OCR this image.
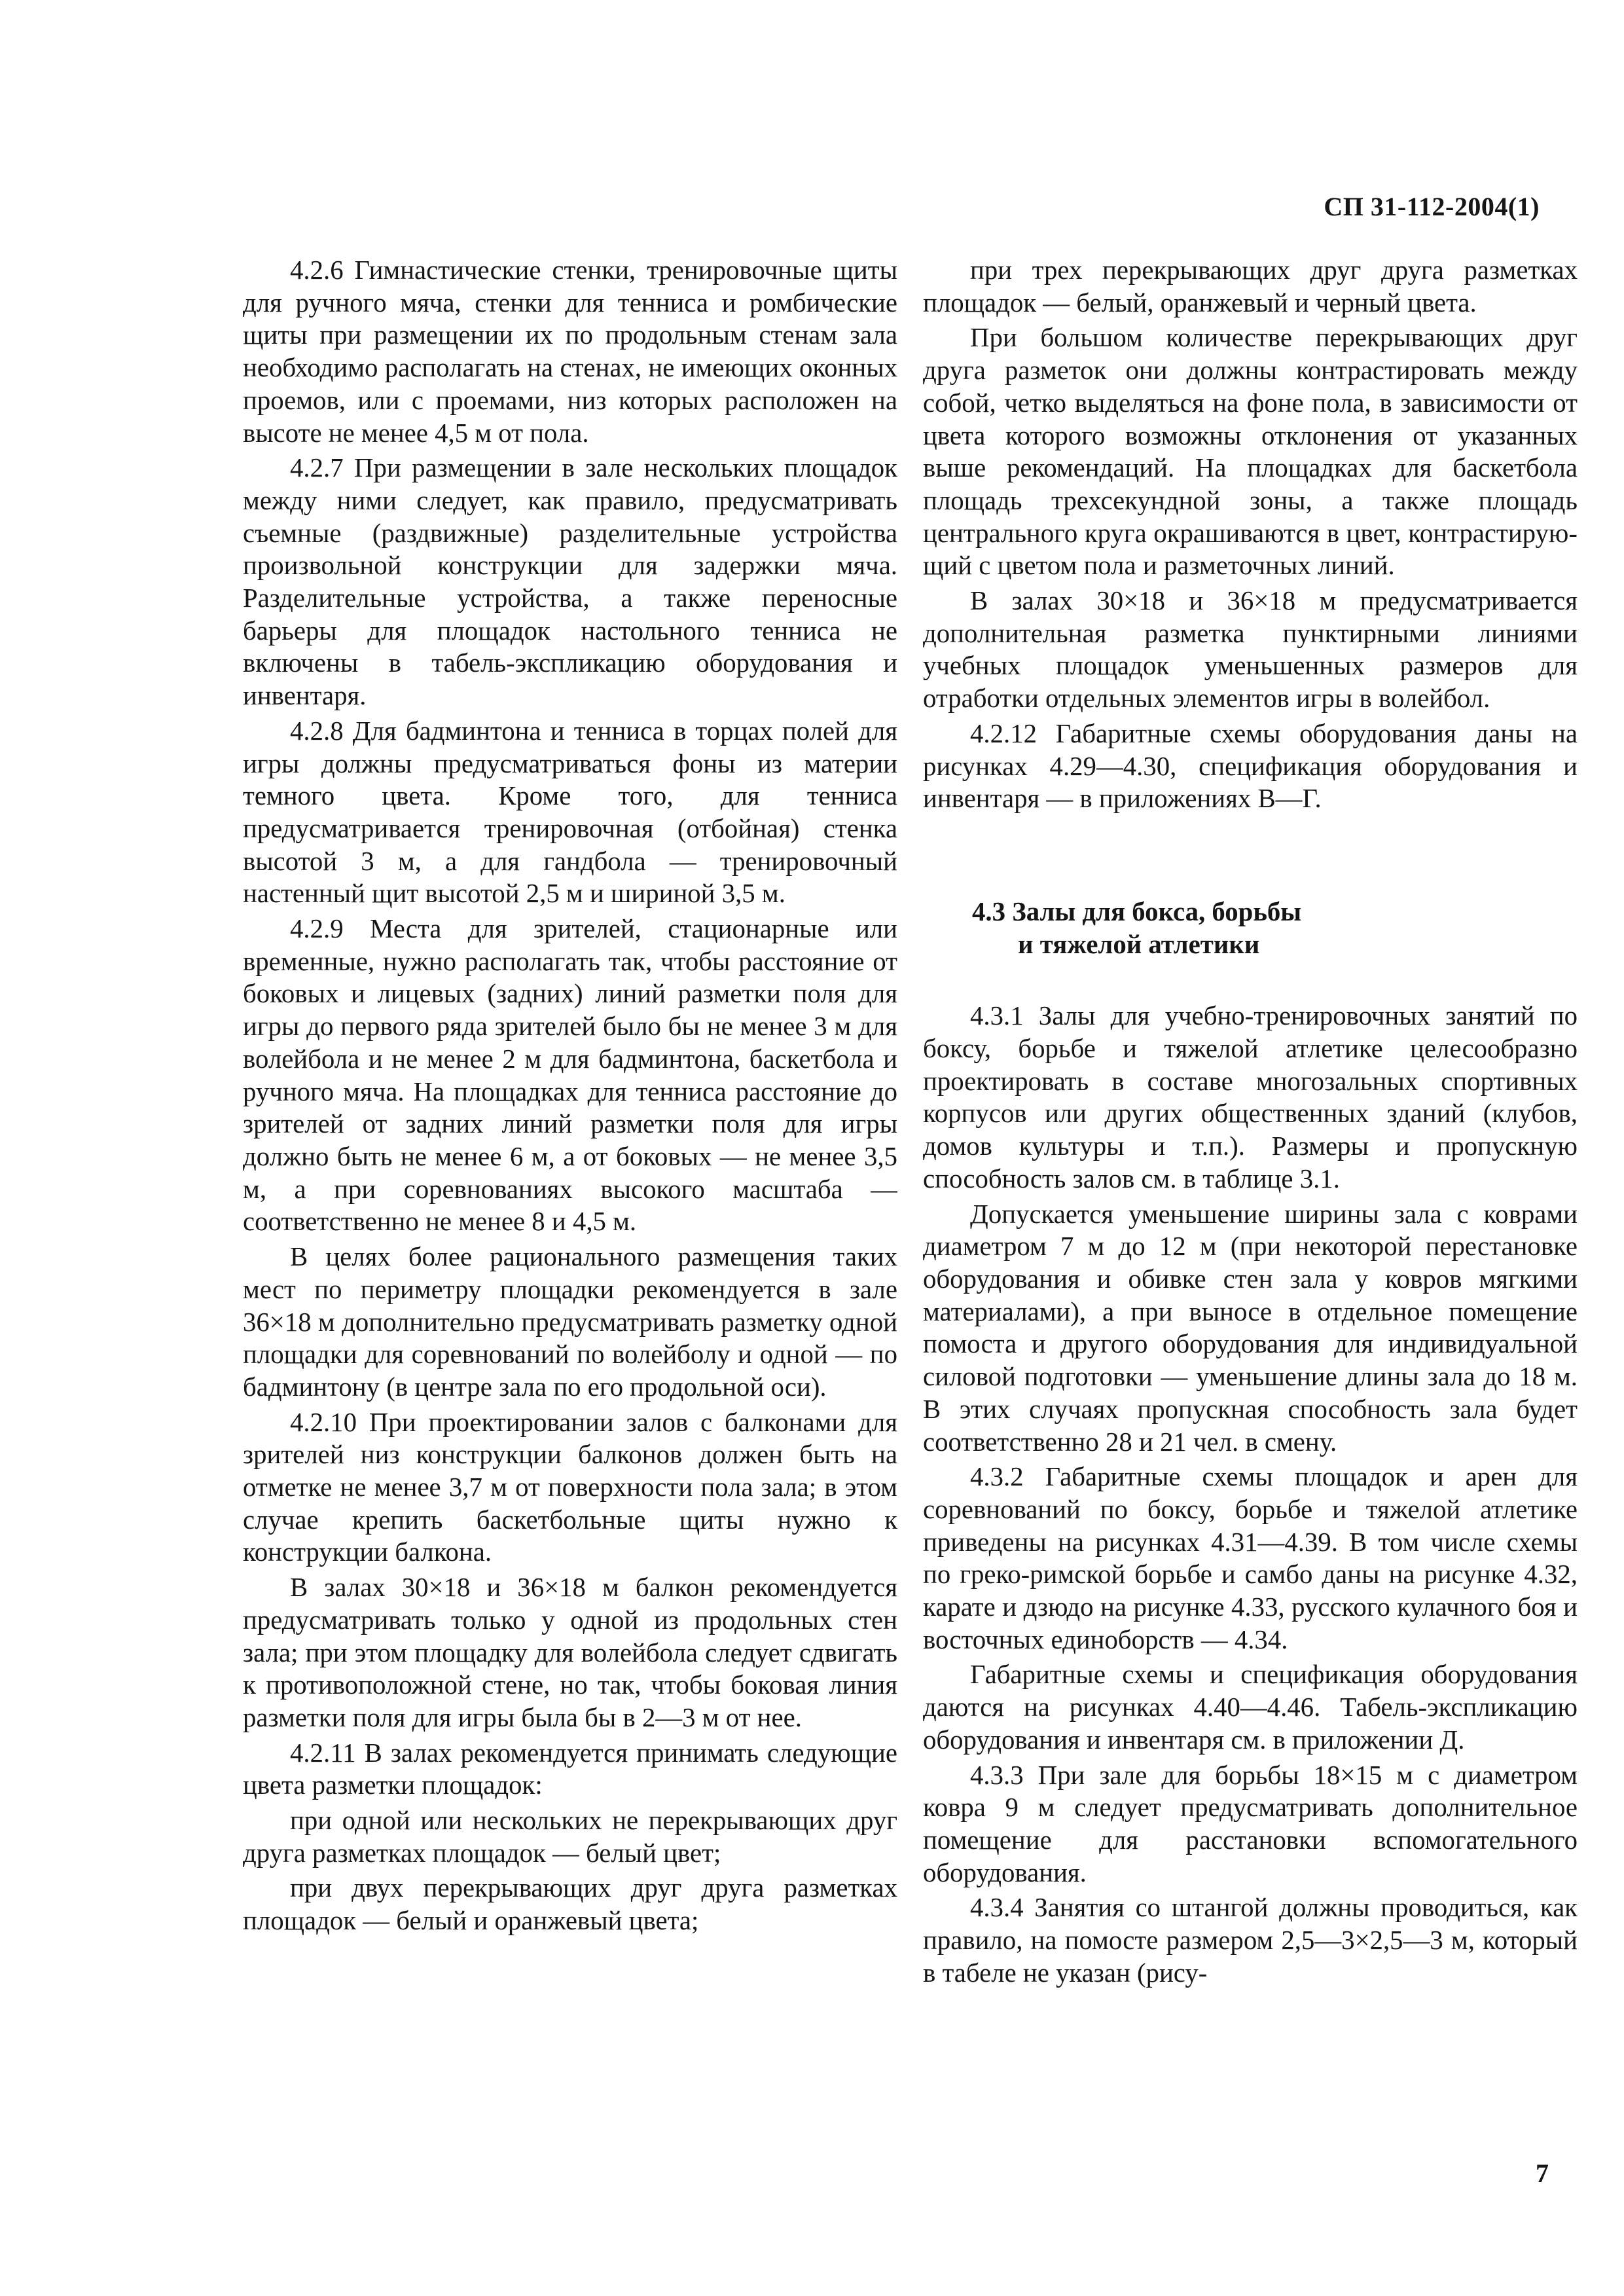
СП 31-112-2004(1)

4.2.6 Гимнастические стенки, тренировочные щиты для ручного мяча, стенки для тенниса и ромбические щиты при размещении их по продольным стенам зала необходимо располагать на стенах, не имеющих оконных проемов, или с проемами, низ которых расположен на высоте не менее 4,5 м от пола.

4.2.7 При размещении в зале нескольких площадок между ними следует, как правило, предусматривать съемные (раздвижные) разделительные устройства произвольной конструкции для задержки мяча. Разделительные устройства, а также переносные барьеры для площадок настольного тенниса не включены в табель-экспликацию оборудования и инвентаря.

4.2.8 Для бадминтона и тенниса в торцах полей для игры должны предусматриваться фоны из материи темного цвета. Кроме того, для тенниса предусматривается тренировочная (отбойная) стенка высотой 3 м, а для гандбола — тренировочный настенный щит высотой 2,5 м и шириной 3,5 м.

4.2.9 Места для зрителей, стационарные или временные, нужно располагать так, чтобы расстояние от боковых и лицевых (задних) линий разметки поля для игры до первого ряда зрителей было бы не менее 3 м для волейбола и не менее 2 м для бадминтона, баскетбола и ручного мяча. На площадках для тенниса расстояние до зрителей от задних линий разметки поля для игры должно быть не менее 6 м, а от боковых — не менее 3,5 м, а при соревнованиях высокого масштаба — соответственно не менее 8 и 4,5 м.

В целях более рационального размещения таких мест по периметру площадки рекомендуется в зале 36×18 м дополнительно предусматривать разметку одной площадки для соревнований по волейболу и одной — по бадминтону (в центре зала по его продольной оси).

4.2.10 При проектировании залов с балконами для зрителей низ конструкции балконов должен быть на отметке не менее 3,7 м от поверхности пола зала; в этом случае крепить баскетбольные щиты нужно к конструкции балкона.

В залах 30×18 и 36×18 м балкон рекомендуется предусматривать только у одной из продольных стен зала; при этом площадку для волейбола следует сдвигать к противоположной стене, но так, чтобы боковая линия разметки поля для игры была бы в 2—3 м от нее.

4.2.11 В залах рекомендуется принимать следующие цвета разметки площадок:

при одной или нескольких не перекрывающих друг друга разметках площадок — белый цвет;

при двух перекрывающих друг друга разметках площадок — белый и оранжевый цвета;

при трех перекрывающих друг друга разметках площадок — белый, оранжевый и черный цвета.

При большом количестве перекрывающих друг друга разметок они должны контрастировать между собой, четко выделяться на фоне пола, в зависимости от цвета которого возможны отклонения от указанных выше рекомендаций. На площадках для баскетбола площадь трехсекундной зоны, а также площадь центрального круга окрашиваются в цвет, контрастирующий с цветом пола и разметочных линий.

В залах 30×18 и 36×18 м предусматривается дополнительная разметка пунктирными линиями учебных площадок уменьшенных размеров для отработки отдельных элементов игры в волейбол.

4.2.12 Габаритные схемы оборудования даны на рисунках 4.29—4.30, спецификация оборудования и инвентаря — в приложениях В—Г.

4.3 Залы для бокса, борьбы
и тяжелой атлетики

4.3.1 Залы для учебно-тренировочных занятий по боксу, борьбе и тяжелой атлетике целесообразно проектировать в составе многозальных спортивных корпусов или других общественных зданий (клубов, домов культуры и т.п.). Размеры и пропускную способность залов см. в таблице 3.1.

Допускается уменьшение ширины зала с коврами диаметром 7 м до 12 м (при некоторой перестановке оборудования и обивке стен зала у ковров мягкими материалами), а при выносе в отдельное помещение помоста и другого оборудования для индивидуальной силовой подготовки — уменьшение длины зала до 18 м. В этих случаях пропускная способность зала будет соответственно 28 и 21 чел. в смену.

4.3.2 Габаритные схемы площадок и арен для соревнований по боксу, борьбе и тяжелой атлетике приведены на рисунках 4.31—4.39. В том числе схемы по греко-римской борьбе и самбо даны на рисунке 4.32, карате и дзюдо на рисунке 4.33, русского кулачного боя и восточных единоборств — 4.34.

Габаритные схемы и спецификация оборудования даются на рисунках 4.40—4.46. Табель-экспликацию оборудования и инвентаря см. в приложении Д.

4.3.3 При зале для борьбы 18×15 м с диаметром ковра 9 м следует предусматривать дополнительное помещение для расстановки вспомогательного оборудования.

4.3.4 Занятия со штангой должны проводиться, как правило, на помосте размером 2,5—3×2,5—3 м, который в табеле не указан (рису-

7
